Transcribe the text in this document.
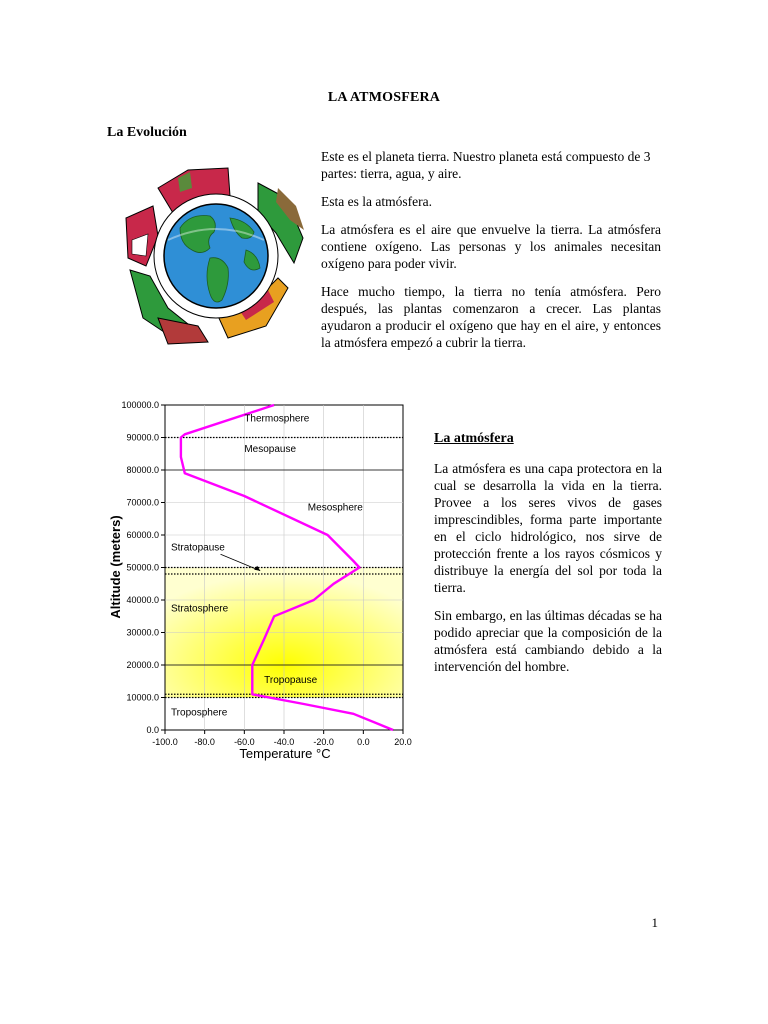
LA ATMOSFERA
La Evolución

Este es el planeta tierra. Nuestro planeta está compuesto de 3 partes: tierra, agua, y aire.

Esta es la atmósfera.

La atmósfera es el aire que envuelve la tierra. La atmósfera contiene oxígeno. Las personas y los animales necesitan oxígeno para poder vivir.

Hace mucho tiempo, la tierra no tenía atmósfera. Pero después, las plantas comenzaron a crecer. Las plantas ayudaron a producir el oxígeno que hay en el aire, y entonces la atmósfera empezó a cubrir la tierra.

-100.0 -80.0 -60.0 -40.0 -20.0	0.0	20.0
0.0
10000.0
20000.0
30000.0
40000.0
50000.0
60000.0
70000.0
80000.0
90000.0
100000.0
Thermosphere
Mesopause
Mesosphere
Stratopause
Stratosphere
Tropopause
Troposphere
Altitude (meters)
Temperature °C
La atmósfera

La atmósfera es una capa protectora en la cual se desarrolla la vida en la tierra. Provee a los seres vivos de gases imprescindibles, forma parte importante en el ciclo hidrológico, nos sirve de protección frente a los rayos cósmicos y distribuye la energía del sol por toda la tierra.

Sin embargo, en las últimas décadas se ha podido apreciar que la composición de la atmósfera está cambiando debido a la intervención del hombre.

1
